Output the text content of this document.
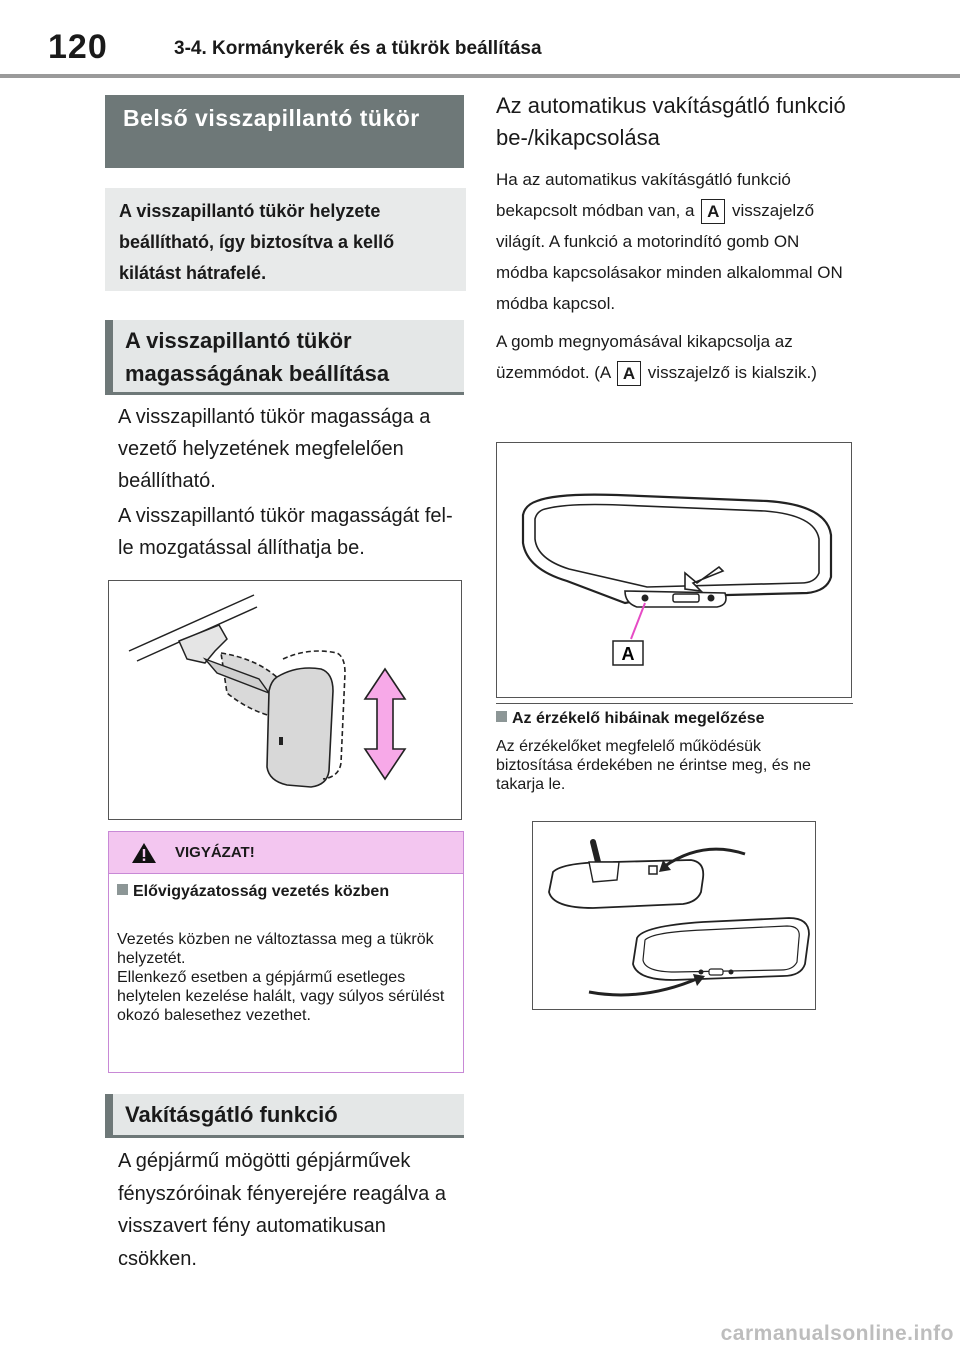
120	3-4. Kormánykerék és a tükrök beállítása
Belső visszapillantó tükör
A visszapillantó tükör helyzete beállítható, így biztosítva a kellő kilátást hátrafelé.
A visszapillantó tükör magasságának beállítása
A visszapillantó tükör magassága a vezető helyzetének megfelelően beállítható.
A visszapillantó tükör magasságát fel-le mozgatással állíthatja be.
VIGYÁZAT!
Elővigyázatosság vezetés közben
Vezetés közben ne változtassa meg a tükrök helyzetét.
Ellenkező esetben a gépjármű esetleges helytelen kezelése halált, vagy súlyos sérülést okozó balesethez vezethet.
Vakításgátló funkció
A gépjármű mögötti gépjárművek fényszóróinak fényerejére reagálva a visszavert fény automatikusan csökken.
Az automatikus vakításgátló funkció be-/kikapcsolása
Ha az automatikus vakításgátló funkció bekapcsolt módban van, a A visszajelző világít. A funkció a motorindító gomb ON módba kapcsolásakor minden alkalommal ON módba kapcsol.
A gomb megnyomásával kikapcsolja az üzemmódot. (A A visszajelző is kialszik.)
A
Az érzékelő hibáinak megelőzése
Az érzékelőket megfelelő működésük biztosítása érdekében ne érintse meg, és ne takarja le.
carmanualsonline.info
